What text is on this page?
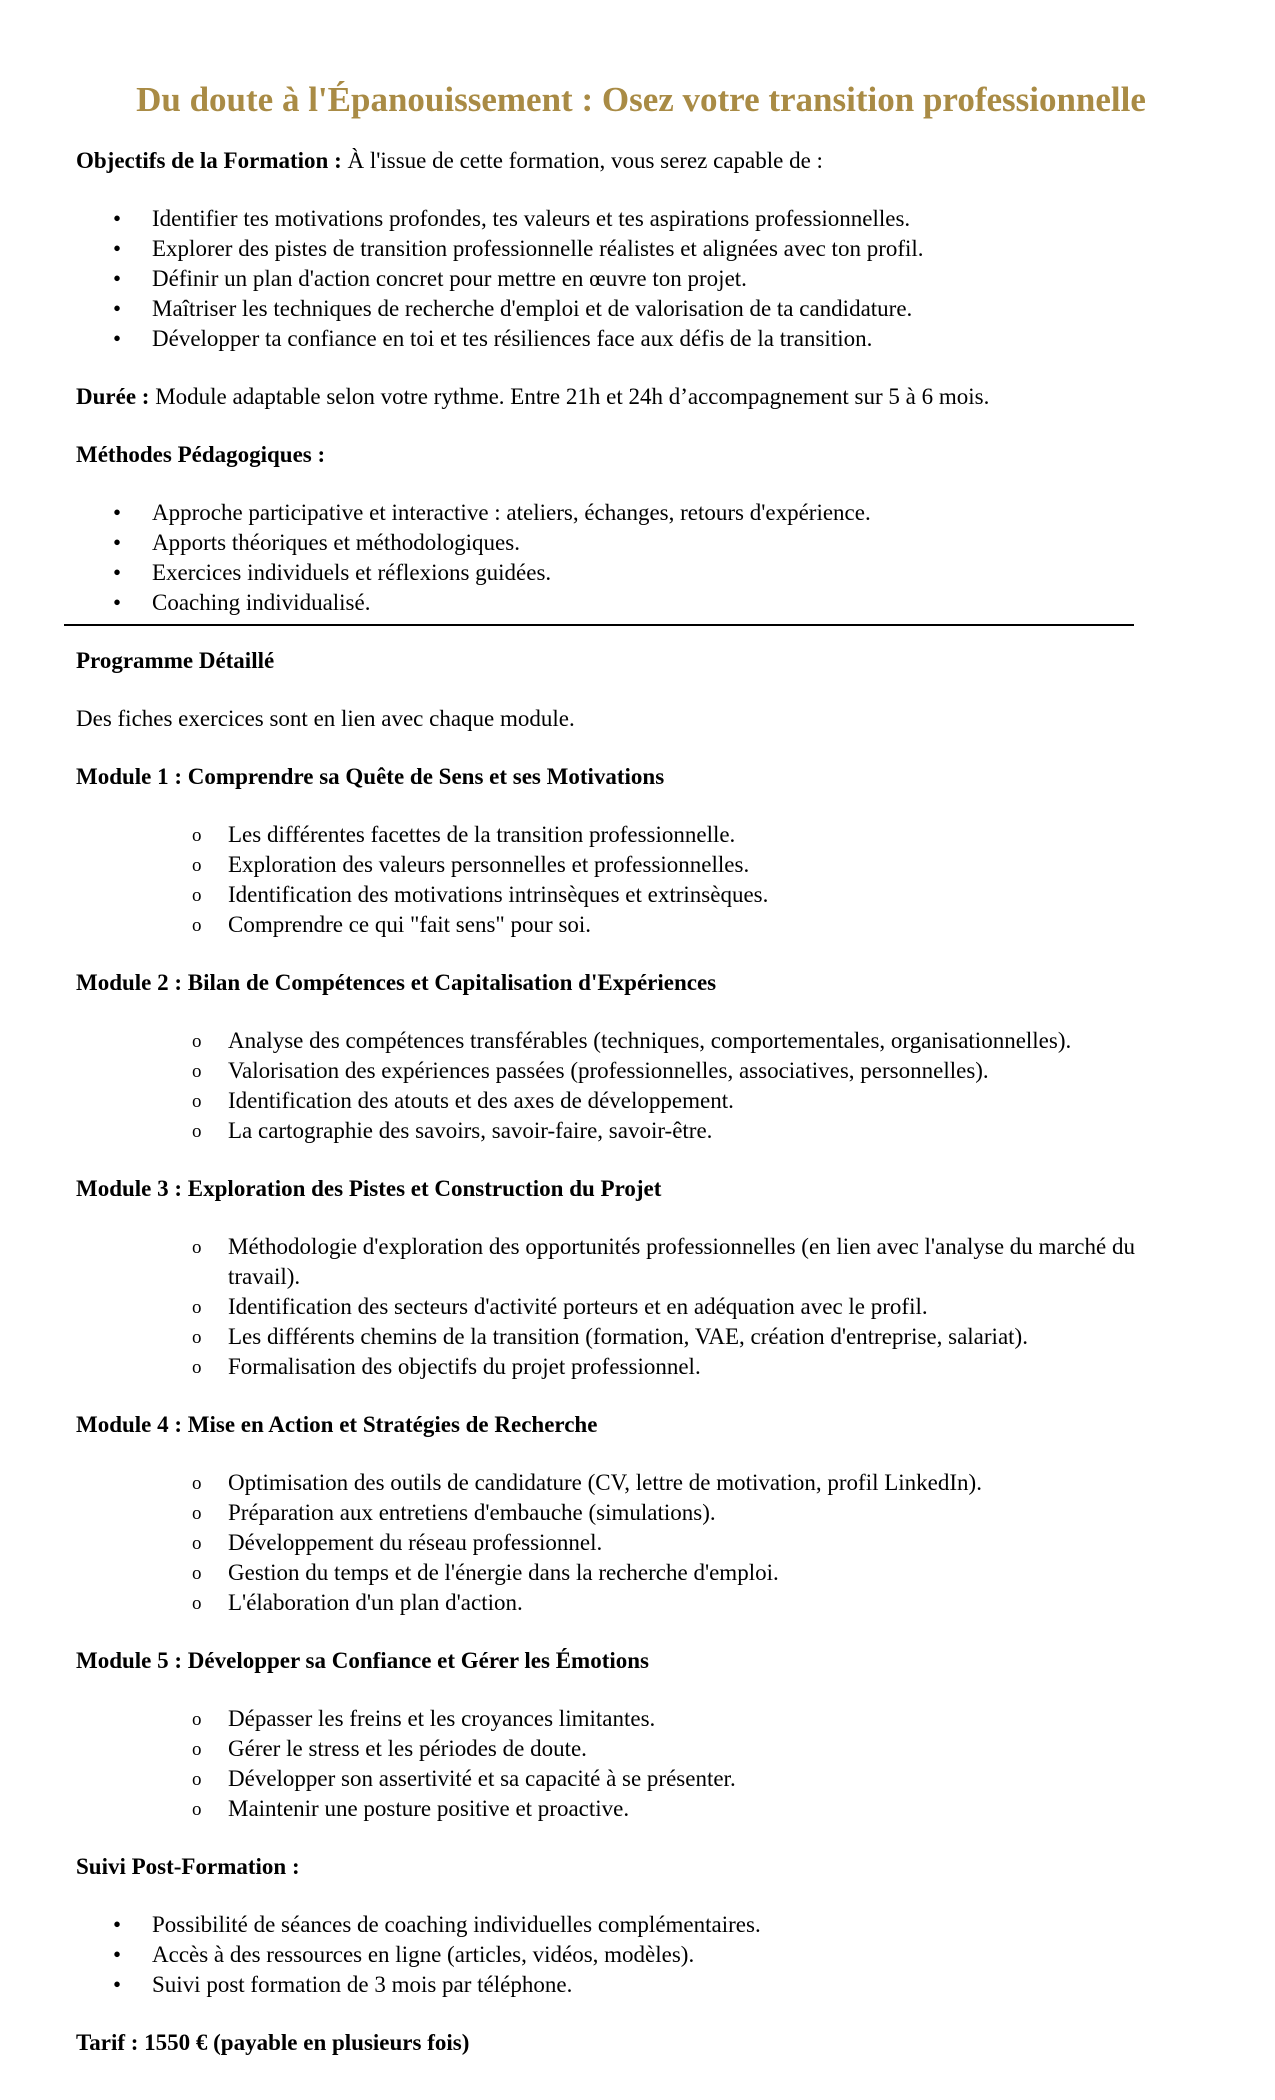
Du doute à l'Épanouissement : Osez votre transition professionnelle

Objectifs de la Formation : À l'issue de cette formation, vous serez capable de :

• Identifier tes motivations profondes, tes valeurs et tes aspirations professionnelles.
• Explorer des pistes de transition professionnelle réalistes et alignées avec ton profil.
• Définir un plan d'action concret pour mettre en œuvre ton projet.
• Maîtriser les techniques de recherche d'emploi et de valorisation de ta candidature.
• Développer ta confiance en toi et tes résiliences face aux défis de la transition.

Durée : Module adaptable selon votre rythme. Entre 21h et 24h d’accompagnement sur 5 à 6 mois.

Méthodes Pédagogiques :

• Approche participative et interactive : ateliers, échanges, retours d'expérience.
• Apports théoriques et méthodologiques.
• Exercices individuels et réflexions guidées.
• Coaching individualisé.

Programme Détaillé

Des fiches exercices sont en lien avec chaque module.

Module 1 : Comprendre sa Quête de Sens et ses Motivations

o Les différentes facettes de la transition professionnelle.
o Exploration des valeurs personnelles et professionnelles.
o Identification des motivations intrinsèques et extrinsèques.
o Comprendre ce qui "fait sens" pour soi.

Module 2 : Bilan de Compétences et Capitalisation d'Expériences

o Analyse des compétences transférables (techniques, comportementales, organisationnelles).
o Valorisation des expériences passées (professionnelles, associatives, personnelles).
o Identification des atouts et des axes de développement.
o La cartographie des savoirs, savoir-faire, savoir-être.

Module 3 : Exploration des Pistes et Construction du Projet

o Méthodologie d'exploration des opportunités professionnelles (en lien avec l'analyse du marché du travail).
o Identification des secteurs d'activité porteurs et en adéquation avec le profil.
o Les différents chemins de la transition (formation, VAE, création d'entreprise, salariat).
o Formalisation des objectifs du projet professionnel.

Module 4 : Mise en Action et Stratégies de Recherche

o Optimisation des outils de candidature (CV, lettre de motivation, profil LinkedIn).
o Préparation aux entretiens d'embauche (simulations).
o Développement du réseau professionnel.
o Gestion du temps et de l'énergie dans la recherche d'emploi.
o L'élaboration d'un plan d'action.

Module 5 : Développer sa Confiance et Gérer les Émotions

o Dépasser les freins et les croyances limitantes.
o Gérer le stress et les périodes de doute.
o Développer son assertivité et sa capacité à se présenter.
o Maintenir une posture positive et proactive.

Suivi Post-Formation :

• Possibilité de séances de coaching individuelles complémentaires.
• Accès à des ressources en ligne (articles, vidéos, modèles).
• Suivi post formation de 3 mois par téléphone.

Tarif : 1550 € (payable en plusieurs fois)
